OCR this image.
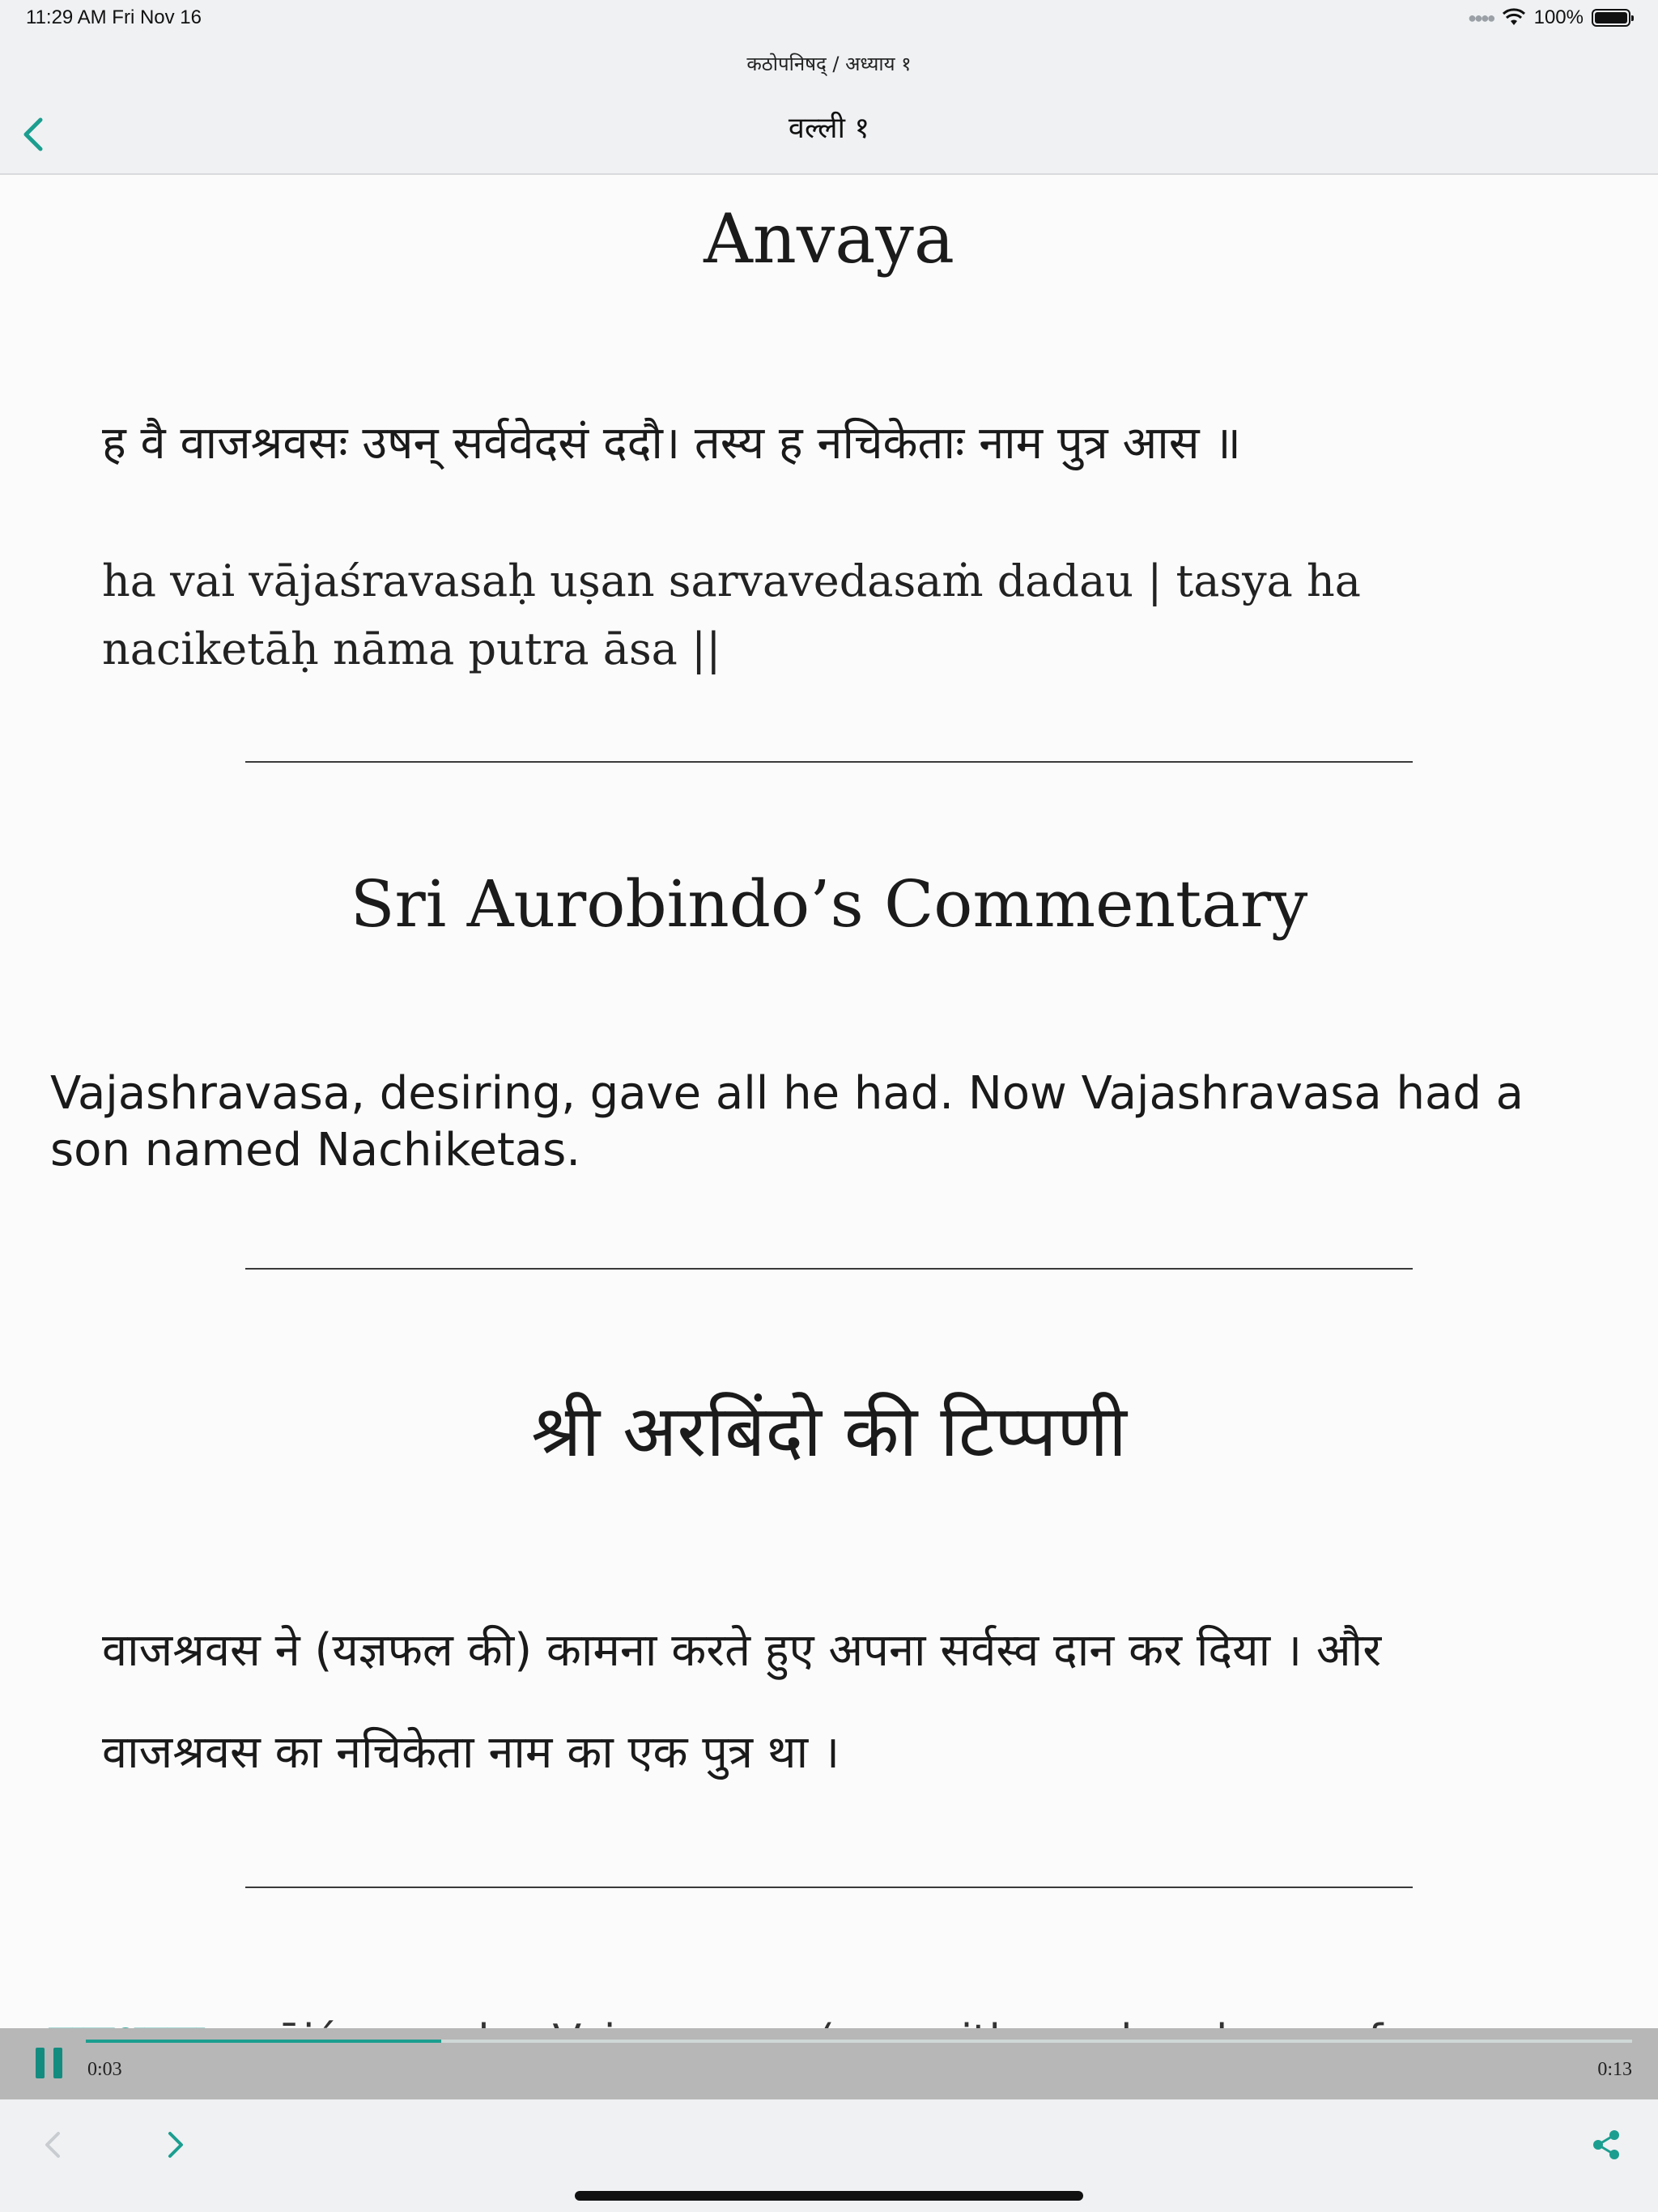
11:29 AM Fri Nov 16	●●●● 100%
कठोपनिषद् / अध्याय १
वल्ली १
Anvaya
ह वै वाजश्रवसः उषन् सर्ववेदसं ददौ। तस्य ह नचिकेताः नाम पुत्र आस ॥
ha vai vājaśravasaḥ uṣan sarvavedasaṁ dadau | tasya ha naciketāḥ nāma putra āsa ||
Sri Aurobindo’s Commentary
Vajashravasa, desiring, gave all he had. Now Vajashravasa had a son named Nachiketas.
श्री अरबिंदो की टिप्पणी
वाजश्रवस ने (यज्ञफल की) कामना करते हुए अपना सर्वस्व दान कर दिया । और वाजश्रवस का नचिकेता नाम का एक पुत्र था ।
0:03	0:13
